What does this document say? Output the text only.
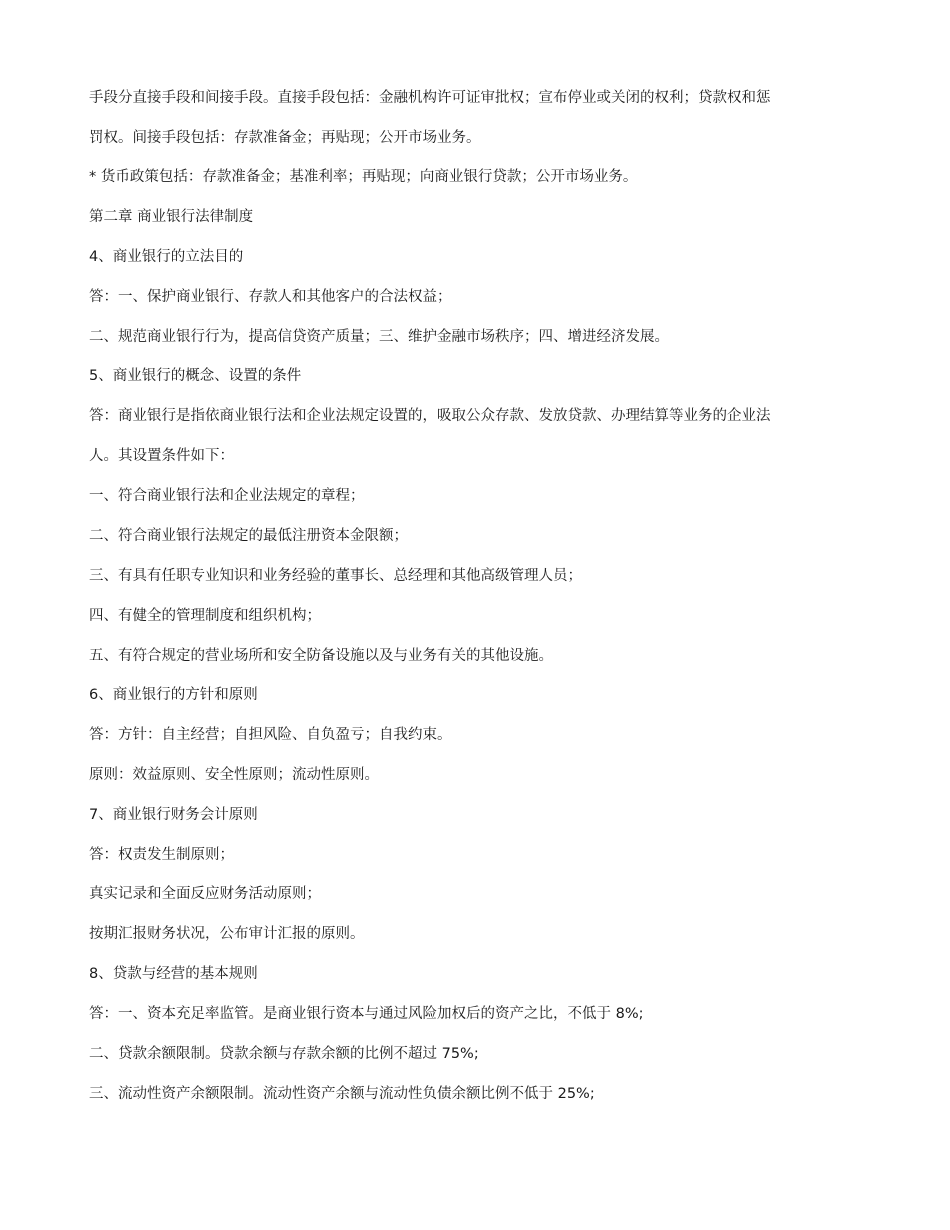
手段分直接手段和间接手段。直接手段包括：金融机构许可证审批权；宣布停业或关闭的权利；贷款权和惩
罚权。间接手段包括：存款准备金；再贴现；公开市场业务。
* 货币政策包括：存款准备金；基准利率；再贴现；向商业银行贷款；公开市场业务。
第二章 商业银行法律制度
4、商业银行的立法目的
答：一、保护商业银行、存款人和其他客户的合法权益；
二、规范商业银行行为，提高信贷资产质量；三、维护金融市场秩序；四、增进经济发展。
5、商业银行的概念、设置的条件
答：商业银行是指依商业银行法和企业法规定设置的，吸取公众存款、发放贷款、办理结算等业务的企业法
人。其设置条件如下：
一、符合商业银行法和企业法规定的章程；
二、符合商业银行法规定的最低注册资本金限额；
三、有具有任职专业知识和业务经验的董事长、总经理和其他高级管理人员；
四、有健全的管理制度和组织机构；
五、有符合规定的营业场所和安全防备设施以及与业务有关的其他设施。
6、商业银行的方针和原则
答：方针：自主经营；自担风险、自负盈亏；自我约束。
原则：效益原则、安全性原则；流动性原则。
7、商业银行财务会计原则
答：权责发生制原则；
真实记录和全面反应财务活动原则；
按期汇报财务状况，公布审计汇报的原则。
8、贷款与经营的基本规则
答：一、资本充足率监管。是商业银行资本与通过风险加权后的资产之比，不低于 8%;
二、贷款余额限制。贷款余额与存款余额的比例不超过 75%;
三、流动性资产余额限制。流动性资产余额与流动性负债余额比例不低于 25%;
